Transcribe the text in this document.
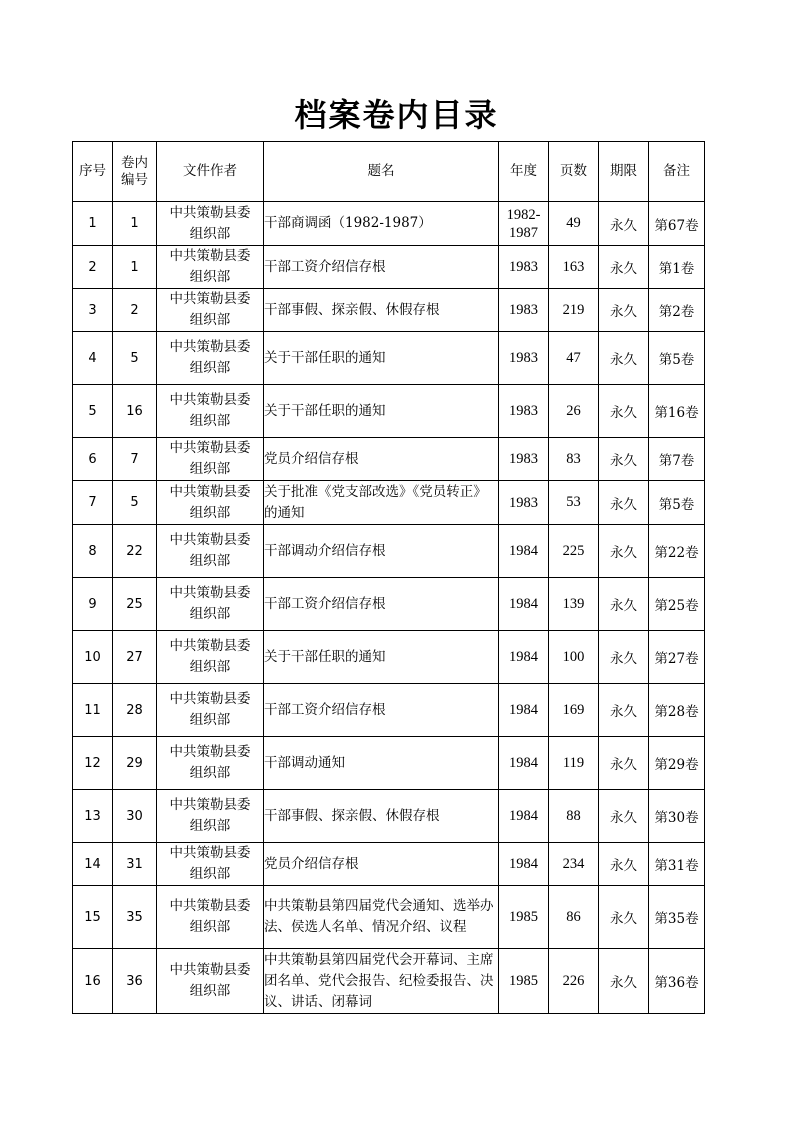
档案卷内目录
序号	卷内编号	文件作者	题名	年度	页数	期限	备注
1	1	中共策勒县委
组织部	干部商调函（1982-1987）	1982-1987	49	永久	第67卷
2	1	中共策勒县委
组织部	干部工资介绍信存根	1983	163	永久	第1卷
3	2	中共策勒县委
组织部	干部事假、探亲假、休假存根	1983	219	永久	第2卷
4	5	中共策勒县委
组织部	关于干部任职的通知	1983	47	永久	第5卷
5	16	中共策勒县委
组织部	关于干部任职的通知	1983	26	永久	第16卷
6	7	中共策勒县委
组织部	党员介绍信存根	1983	83	永久	第7卷
7	5	中共策勒县委
组织部	关于批准《党支部改选》《党员转正》的通知	1983	53	永久	第5卷
8	22	中共策勒县委
组织部	干部调动介绍信存根	1984	225	永久	第22卷
9	25	中共策勒县委
组织部	干部工资介绍信存根	1984	139	永久	第25卷
10	27	中共策勒县委
组织部	关于干部任职的通知	1984	100	永久	第27卷
11	28	中共策勒县委
组织部	干部工资介绍信存根	1984	169	永久	第28卷
12	29	中共策勒县委
组织部	干部调动通知	1984	119	永久	第29卷
13	30	中共策勒县委
组织部	干部事假、探亲假、休假存根	1984	88	永久	第30卷
14	31	中共策勒县委
组织部	党员介绍信存根	1984	234	永久	第31卷
15	35	中共策勒县委
组织部	中共策勒县第四届党代会通知、选举办法、侯选人名单、情况介绍、议程	1985	86	永久	第35卷
16	36	中共策勒县委
组织部	中共策勒县第四届党代会开幕词、主席团名单、党代会报告、纪检委报告、决议、讲话、闭幕词	1985	226	永久	第36卷
